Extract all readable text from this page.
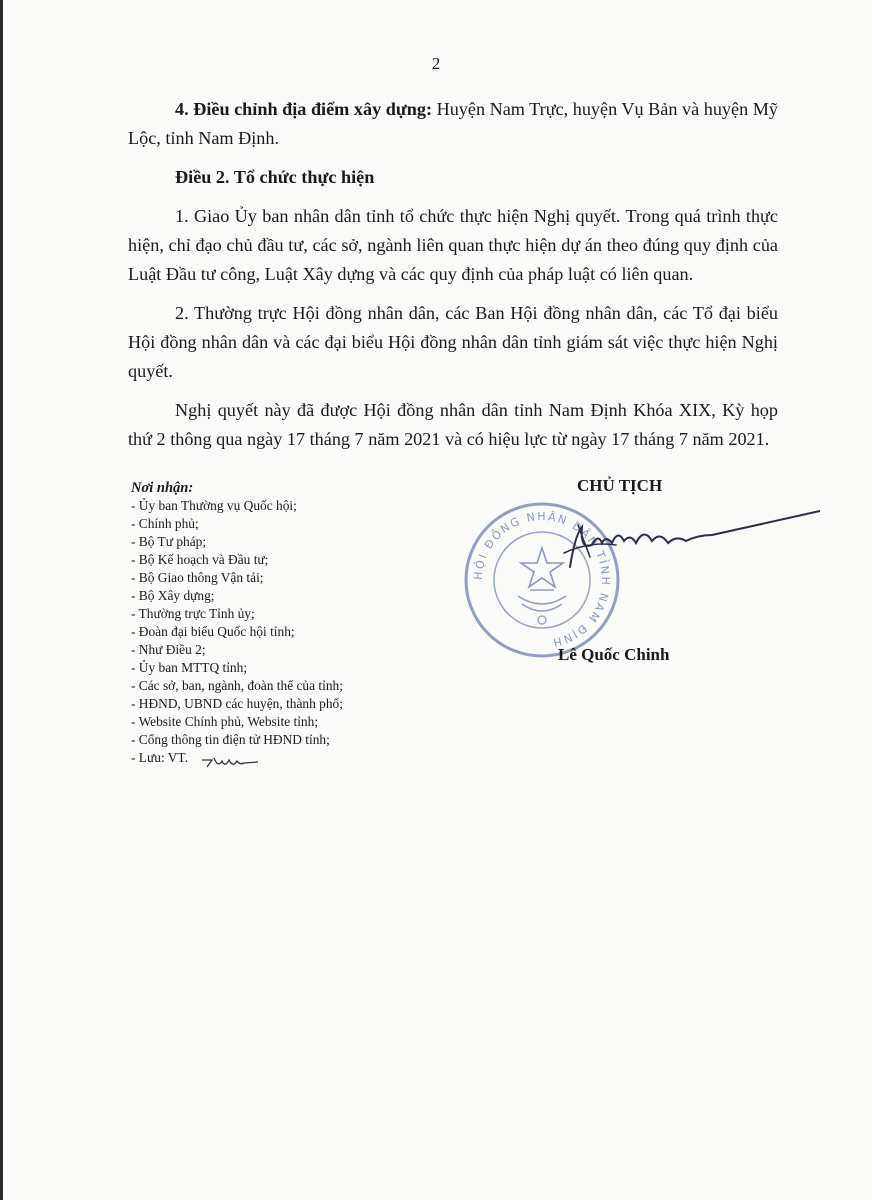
2

4. Điều chỉnh địa điểm xây dựng: Huyện Nam Trực, huyện Vụ Bản và huyện Mỹ Lộc, tỉnh Nam Định.

Điều 2. Tổ chức thực hiện

1. Giao Ủy ban nhân dân tỉnh tổ chức thực hiện Nghị quyết. Trong quá trình thực hiện, chỉ đạo chủ đầu tư, các sở, ngành liên quan thực hiện dự án theo đúng quy định của Luật Đầu tư công, Luật Xây dựng và các quy định của pháp luật có liên quan.

2. Thường trực Hội đồng nhân dân, các Ban Hội đồng nhân dân, các Tổ đại biểu Hội đồng nhân dân và các đại biểu Hội đồng nhân dân tỉnh giám sát việc thực hiện Nghị quyết.

Nghị quyết này đã được Hội đồng nhân dân tỉnh Nam Định Khóa XIX, Kỳ họp thứ 2 thông qua ngày 17 tháng 7 năm 2021 và có hiệu lực từ ngày 17 tháng 7 năm 2021.

Nơi nhận:
- Ủy ban Thường vụ Quốc hội;
- Chính phủ;
- Bộ Tư pháp;
- Bộ Kế hoạch và Đầu tư;
- Bộ Giao thông Vận tải;
- Bộ Xây dựng;
- Thường trực Tỉnh ủy;
- Đoàn đại biểu Quốc hội tỉnh;
- Như Điều 2;
- Ủy ban MTTQ tỉnh;
- Các sở, ban, ngành, đoàn thể của tỉnh;
- HĐND, UBND các huyện, thành phố;
- Website Chính phủ, Website tỉnh;
- Cổng thông tin điện tử HĐND tỉnh;
- Lưu: VT.
CHỦ TỊCH
HỘI ĐỒNG NHÂN DÂN TỈNH NAM ĐỊNH
Lê Quốc Chinh
